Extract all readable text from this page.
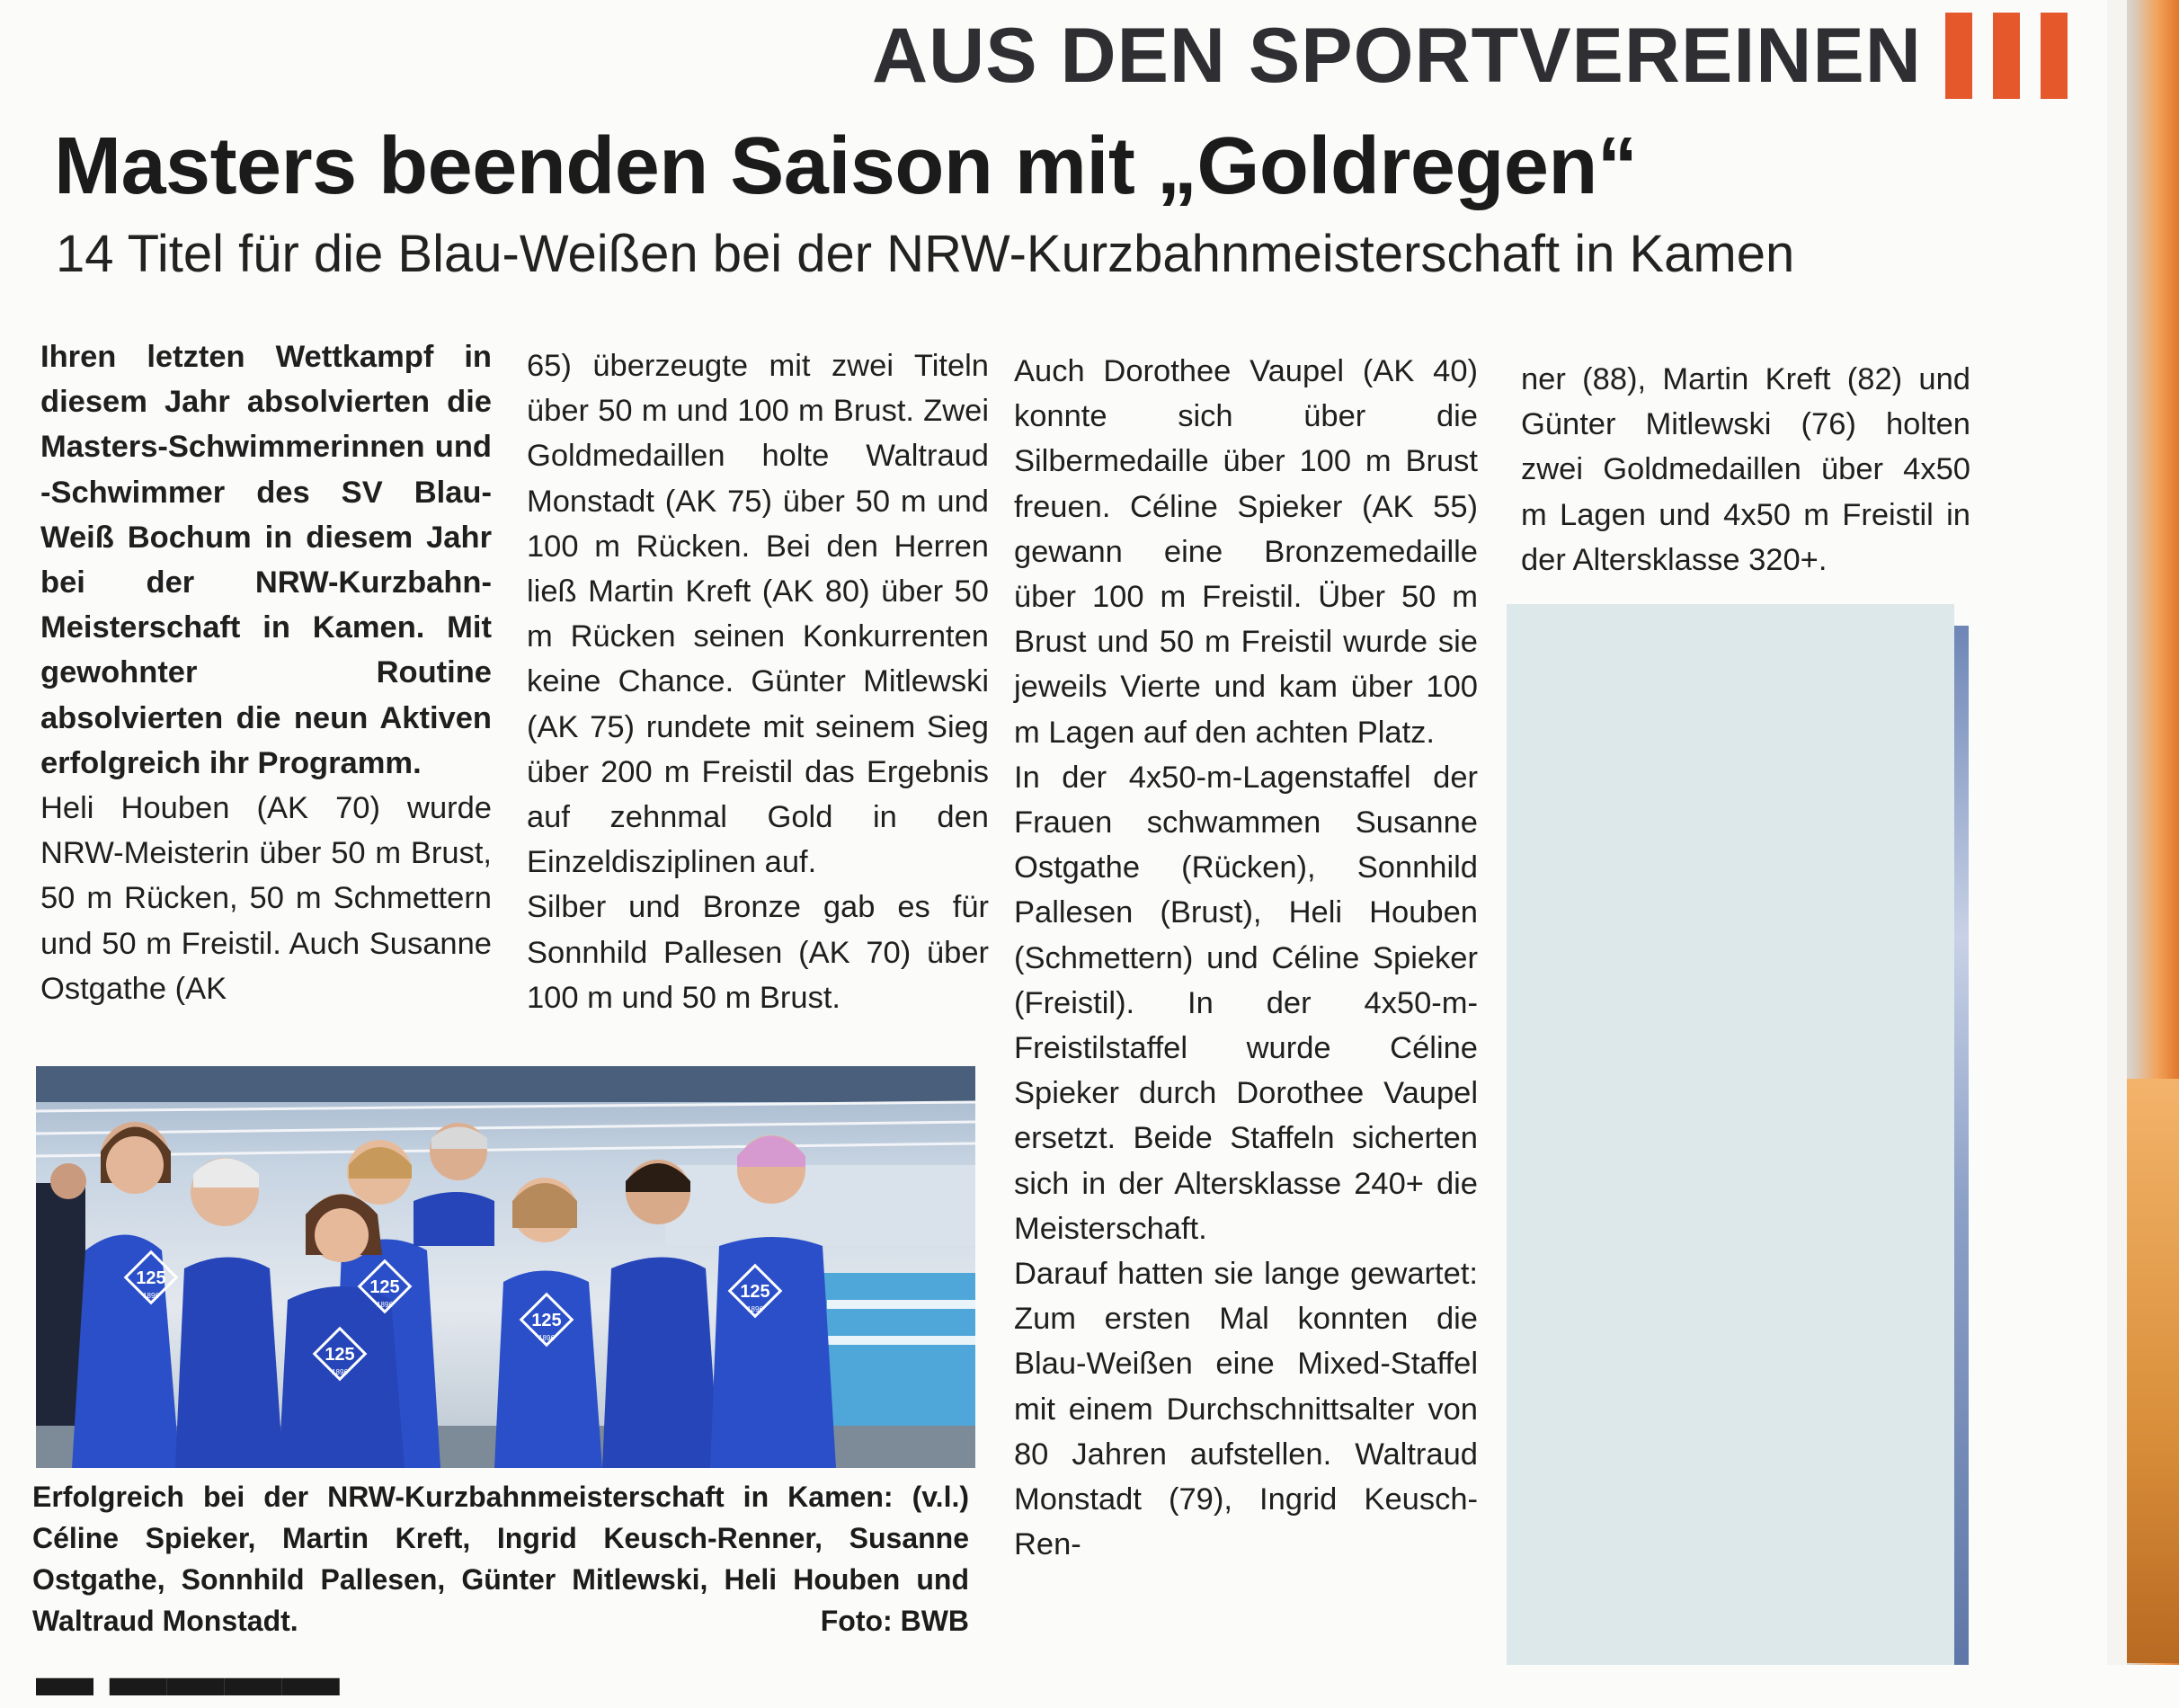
AUS DEN SPORTVEREINEN
Masters beenden Saison mit „Goldregen“
14 Titel für die Blau-Weißen bei der NRW-Kurzbahnmeisterschaft in Kamen

Ihren letzten Wettkampf in diesem Jahr absolvierten die Masters-Schwimmerinnen und -Schwimmer des SV Blau-Weiß Bochum in diesem Jahr bei der NRW-Kurzbahn-Meisterschaft in Kamen. Mit gewohnter Routine absolvierten die neun Aktiven erfolgreich ihr Programm.

Heli Houben (AK 70) wurde NRW-Meisterin über 50 m Brust, 50 m Rücken, 50 m Schmettern und 50 m Freistil. Auch Susanne Ostgathe (AK

65) überzeugte mit zwei Titeln über 50 m und 100 m Brust. Zwei Goldmedaillen holte Waltraud Monstadt (AK 75) über 50 m und 100 m Rücken. Bei den Herren ließ Martin Kreft (AK 80) über 50 m Rücken seinen Konkurrenten keine Chance. Günter Mitlewski (AK 75) rundete mit seinem Sieg über 200 m Freistil das Ergebnis auf zehnmal Gold in den Einzeldisziplinen auf.

Silber und Bronze gab es für Sonnhild Pallesen (AK 70) über 100 m und 50 m Brust.

Auch Dorothee Vaupel (AK 40) konnte sich über die Silbermedaille über 100 m Brust freuen. Céline Spieker (AK 55) gewann eine Bronzemedaille über 100 m Freistil. Über 50 m Brust und 50 m Freistil wurde sie jeweils Vierte und kam über 100 m Lagen auf den achten Platz.

In der 4x50-m-Lagenstaffel der Frauen schwammen Susanne Ostgathe (Rücken), Sonnhild Pallesen (Brust), Heli Houben (Schmettern) und Céline Spieker (Freistil). In der 4x50-m-Freistilstaffel wurde Céline Spieker durch Dorothee Vaupel ersetzt. Beide Staffeln sicherten sich in der Altersklasse 240+ die Meisterschaft.

Darauf hatten sie lange gewartet: Zum ersten Mal konnten die Blau-Weißen eine Mixed-Staffel mit einem Durchschnittsalter von 80 Jahren aufstellen. Waltraud Monstadt (79), Ingrid Keusch-Ren-

ner (88), Martin Kreft (82) und Günter Mitlewski (76) holten zwei Goldmedaillen über 4x50 m Lagen und 4x50 m Freistil in der Altersklasse 320+.

125
125
125
125
125
1896
1896
1896
1896
1896
Erfolgreich bei der NRW-Kurzbahnmeisterschaft in Kamen: (v.l.) Céline Spieker, Martin Kreft, Ingrid Keusch-Renner, Susanne Ostgathe, Sonnhild Pallesen, Günter Mitlewski, Heli Houben und Waltraud Monstadt.	Foto: BWB
▬ ▬▬▬▬
